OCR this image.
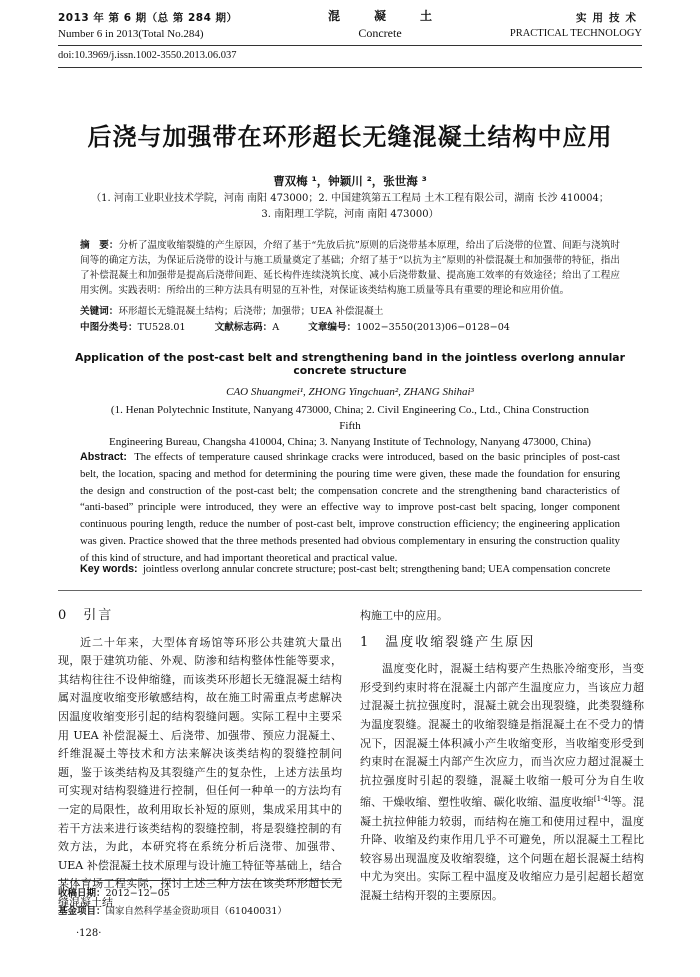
2013 年 第 6 期（总 第 284 期）
Number 6 in 2013(Total No.284)
混凝土
Concrete
实用技术
PRACTICAL TECHNOLOGY
doi:10.3969/j.issn.1002-3550.2013.06.037
后浇与加强带在环形超长无缝混凝土结构中应用
曹双梅 ¹，钟颖川 ²，张世海 ³
（1. 河南工业职业技术学院，河南 南阳 473000；2. 中国建筑第五工程局 土木工程有限公司，湖南 长沙 410004；
3. 南阳理工学院，河南 南阳 473000）
摘　要：分析了温度收缩裂缝的产生原因，介绍了基于“先放后抗”原则的后浇带基本原理，给出了后浇带的位置、间距与浇筑时间等的确定方法，为保证后浇带的设计与施工质量奠定了基础；介绍了基于“以抗为主”原则的补偿混凝土和加强带的特征，指出了补偿混凝土和加强带是提高后浇带间距、延长构件连续浇筑长度、减小后浇带数量、提高施工效率的有效途径；给出了工程应用实例。实践表明：所给出的三种方法具有明显的互补性，对保证该类结构施工质量等具有重要的理论和应用价值。
关键词：环形超长无缝混凝土结构；后浇带；加强带；UEA 补偿混凝土
中图分类号：TU528.01	文献标志码：A	文章编号：1002−3550(2013)06−0128−04
Application of the post-cast belt and strengthening band in the jointless overlong annular concrete structure
CAO Shuangmei¹, ZHONG Yingchuan², ZHANG Shihai³
(1. Henan Polytechnic Institute, Nanyang 473000, China; 2. Civil Engineering Co., Ltd., China Construction Fifth
Engineering Bureau, Changsha 410004, China; 3. Nanyang Institute of Technology, Nanyang 473000, China)
Abstract: The effects of temperature caused shrinkage cracks were introduced, based on the basic principles of post-cast belt, the location, spacing and method for determining the pouring time were given, these made the foundation for ensuring the design and construction of the post-cast belt; the compensation concrete and the strengthening band characteristics of “anti-based” principle were introduced, they were an effective way to improve post-cast belt spacing, longer component continuous pouring length, reduce the number of post-cast belt, improve construction efficiency; the engineering application was given. Practice showed that the three methods presented had obvious complementary in ensuring the construction quality of this kind of structure, and had important theoretical and practical value.
Key words: jointless overlong annular concrete structure; post-cast belt; strengthening band; UEA compensation concrete
0　引言
近二十年来，大型体育场馆等环形公共建筑大量出现，限于建筑功能、外观、防渗和结构整体性能等要求，其结构往往不设伸缩缝，而该类环形超长无缝混凝土结构属对温度收缩变形敏感结构，故在施工时需重点考虑解决因温度收缩变形引起的结构裂缝问题。实际工程中主要采用 UEA 补偿混凝土、后浇带、加强带、预应力混凝土、纤维混凝土等技术和方法来解决该类结构的裂缝控制问题，鉴于该类结构及其裂缝产生的复杂性，上述方法虽均可实现对结构裂缝进行控制，但任何一种单一的方法均有一定的局限性，故利用取长补短的原则，集成采用其中的若干方法来进行该类结构的裂缝控制，将是裂缝控制的有效方法，为此，本研究将在系统分析后浇带、加强带、UEA 补偿混凝土技术原理与设计施工特征等基础上，结合某体育场工程实际，探讨上述三种方法在该类环形超长无缝混凝土结
构施工中的应用。
1　温度收缩裂缝产生原因
温度变化时，混凝土结构要产生热胀冷缩变形，当变形受到约束时将在混凝土内部产生温度应力，当该应力超过混凝土抗拉强度时，混凝土就会出现裂缝，此类裂缝称为温度裂缝。混凝土的收缩裂缝是指混凝土在不受力的情况下，因混凝土体积减小产生收缩变形，当收缩变形受到约束时在混凝土内部产生次应力，而当次应力超过混凝土抗拉强度时引起的裂缝，混凝土收缩一般可分为自生收缩、干燥收缩、塑性收缩、碳化收缩、温度收缩[1-4]等。混凝土抗拉伸能力较弱，而结构在施工和使用过程中，温度升降、收缩及约束作用几乎不可避免，所以混凝土工程比较容易出现温度及收缩裂缝，这个问题在超长混凝土结构中尤为突出。实际工程中温度及收缩应力是引起超长超宽混凝土结构开裂的主要原因。
收稿日期：2012−12−05
基金项目：国家自然科学基金资助项目（61040031）
·128·
